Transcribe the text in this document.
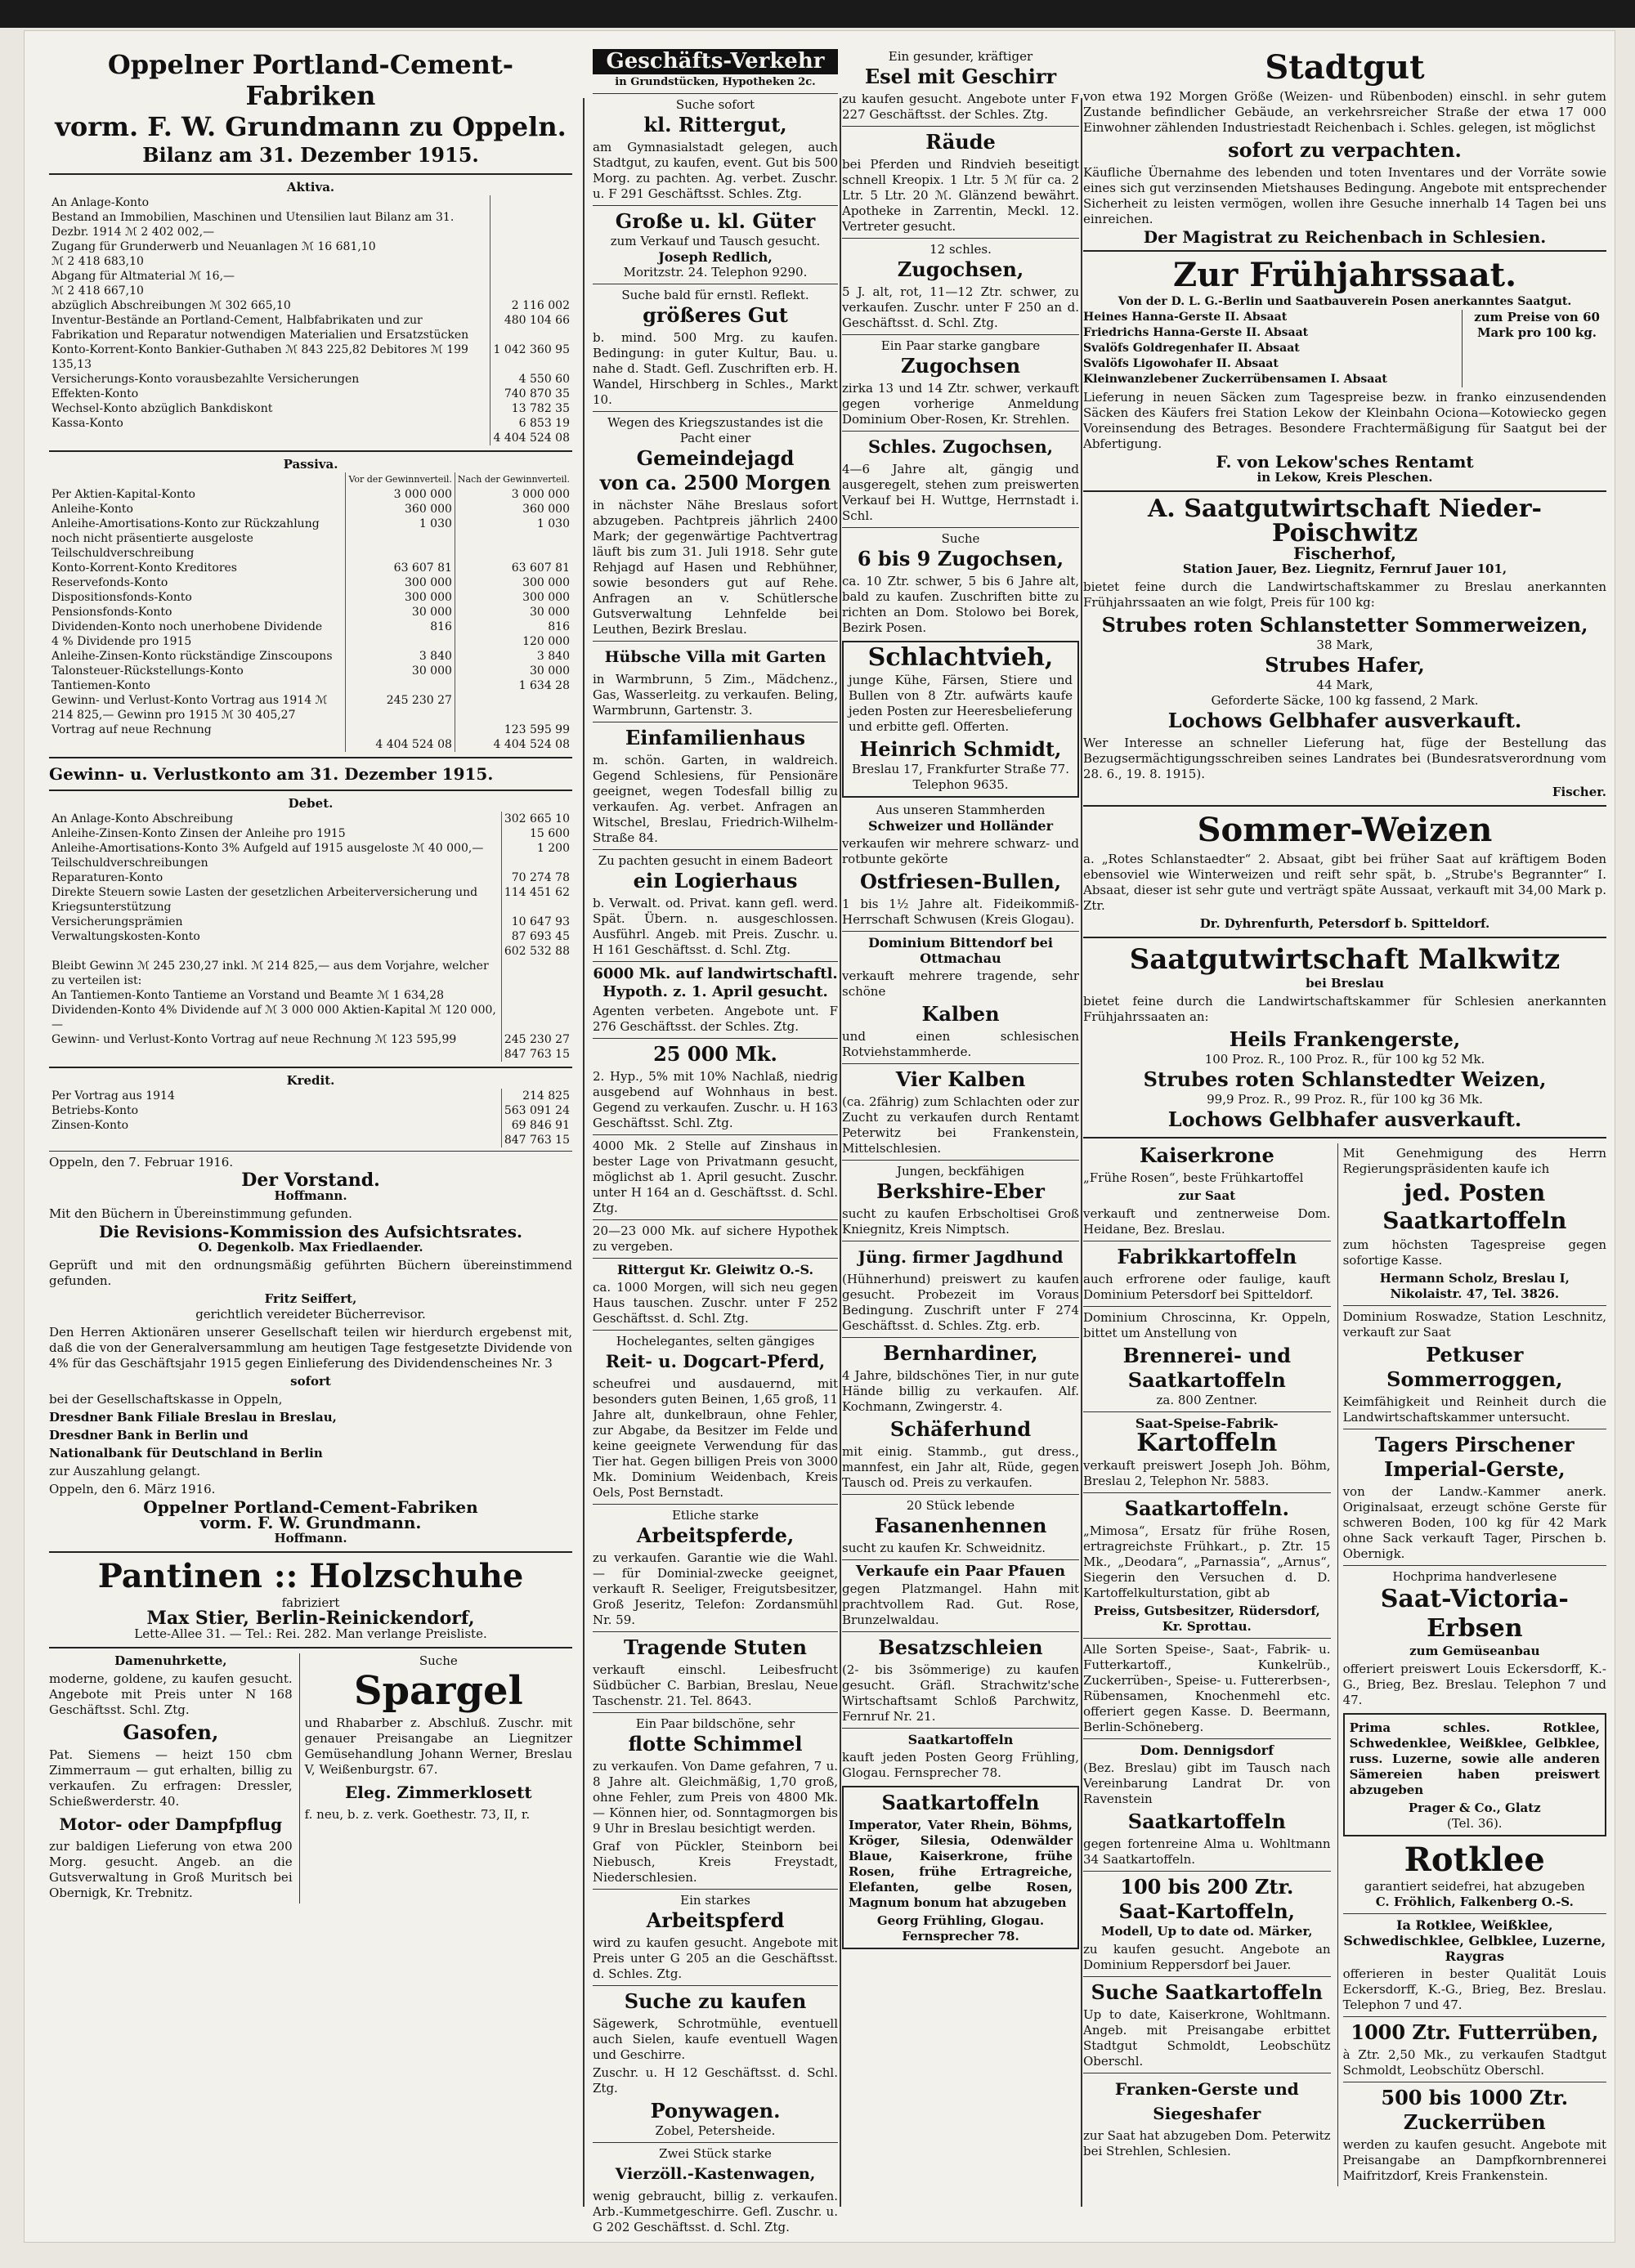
Oppelner Portland-Cement-Fabriken
vorm. F. W. Grundmann zu Oppeln.
Bilanz am 31. Dezember 1915.
Aktiva.
An Anlage-Konto	
Bestand an Immobilien, Maschinen und Utensilien laut Bilanz am 31. Dezbr. 1914 ℳ 2 402 002,—	
Zugang für Grunderwerb und Neuanlagen ℳ 16 681,10	
ℳ 2 418 683,10	
Abgang für Altmaterial ℳ 16,—	
ℳ 2 418 667,10	
abzüglich Abschreibungen ℳ 302 665,10	2 116 002
Inventur-Bestände an Portland-Cement, Halbfabrikaten und zur Fabrikation und Reparatur notwendigen Materialien und Ersatzstücken	480 104 66
Konto-Korrent-Konto Bankier-Guthaben ℳ 843 225,82 Debitores ℳ 199 135,13	1 042 360 95
Versicherungs-Konto vorausbezahlte Versicherungen	4 550 60
Effekten-Konto	740 870 35
Wechsel-Konto abzüglich Bankdiskont	13 782 35
Kassa-Konto	6 853 19
	4 404 524 08
Passiva.
	Vor der Gewinnverteil.	Nach der Gewinnverteil.
Per Aktien-Kapital-Konto	3 000 000	3 000 000
Anleihe-Konto	360 000	360 000
Anleihe-Amortisations-Konto zur Rückzahlung noch nicht präsentierte ausgeloste Teilschuldverschreibung	1 030	1 030
Konto-Korrent-Konto Kreditores	63 607 81	63 607 81
Reservefonds-Konto	300 000	300 000
Dispositionsfonds-Konto	300 000	300 000
Pensionsfonds-Konto	30 000	30 000
Dividenden-Konto noch unerhobene Dividende	816	816
4 % Dividende pro 1915		120 000
Anleihe-Zinsen-Konto rückständige Zinscoupons	3 840	3 840
Talonsteuer-Rückstellungs-Konto	30 000	30 000
Tantiemen-Konto		1 634 28
Gewinn- und Verlust-Konto Vortrag aus 1914 ℳ 214 825,— Gewinn pro 1915 ℳ 30 405,27	245 230 27	
Vortrag auf neue Rechnung		123 595 99
	4 404 524 08	4 404 524 08
Gewinn- u. Verlustkonto am 31. Dezember 1915.
Debet.
An Anlage-Konto Abschreibung	302 665 10
Anleihe-Zinsen-Konto Zinsen der Anleihe pro 1915	15 600
Anleihe-Amortisations-Konto 3% Aufgeld auf 1915 ausgeloste ℳ 40 000,— Teilschuldverschreibungen	1 200
Reparaturen-Konto	70 274 78
Direkte Steuern sowie Lasten der gesetzlichen Arbeiterversicherung und Kriegsunterstützung	114 451 62
Versicherungsprämien	10 647 93
Verwaltungskosten-Konto	87 693 45
	602 532 88
Bleibt Gewinn ℳ 245 230,27 inkl. ℳ 214 825,— aus dem Vorjahre, welcher zu verteilen ist:	
An Tantiemen-Konto Tantieme an Vorstand und Beamte ℳ 1 634,28	
Dividenden-Konto 4% Dividende auf ℳ 3 000 000 Aktien-Kapital ℳ 120 000,—	
Gewinn- und Verlust-Konto Vortrag auf neue Rechnung ℳ 123 595,99	245 230 27
	847 763 15
Kredit.
Per Vortrag aus 1914	214 825
Betriebs-Konto	563 091 24
Zinsen-Konto	69 846 91
	847 763 15
Oppeln, den 7. Februar 1916.
Der Vorstand.
Hoffmann.
Mit den Büchern in Übereinstimmung gefunden.
Die Revisions-Kommission des Aufsichtsrates.
O. Degenkolb. Max Friedlaender.
Geprüft und mit den ordnungsmäßig geführten Büchern übereinstimmend gefunden.
Fritz Seiffert,
gerichtlich vereideter Bücherrevisor.
Den Herren Aktionären unserer Gesellschaft teilen wir hierdurch ergebenst mit, daß die von der Generalversammlung am heutigen Tage festgesetzte Dividende von 4% für das Geschäftsjahr 1915 gegen Einlieferung des Dividendenscheines Nr. 3
sofort
bei der Gesellschaftskasse in Oppeln,
Dresdner Bank Filiale Breslau in Breslau,
Dresdner Bank in Berlin und
Nationalbank für Deutschland in Berlin
zur Auszahlung gelangt.
Oppeln, den 6. März 1916.
Oppelner Portland-Cement-Fabriken
vorm. F. W. Grundmann.
Hoffmann.
Pantinen :: Holzschuhe
fabriziert
Max Stier, Berlin-Reinickendorf,
Lette-Allee 31. — Tel.: Rei. 282. Man verlange Preisliste.
Damenuhrkette,
moderne, goldene, zu kaufen gesucht. Angebote mit Preis unter N 168 Geschäftsst. Schl. Ztg.
Gasofen,
Pat. Siemens — heizt 150 cbm Zimmerraum — gut erhalten, billig zu verkaufen. Zu erfragen: Dressler, Schießwerderstr. 40.
Motor- oder Dampfpflug
zur baldigen Lieferung von etwa 200 Morg. gesucht. Angeb. an die Gutsverwaltung in Groß Muritsch bei Obernigk, Kr. Trebnitz.
Suche
Spargel
und Rhabarber z. Abschluß. Zuschr. mit genauer Preisangabe an Liegnitzer Gemüsehandlung Johann Werner, Breslau V, Weißenburgstr. 67.
Eleg. Zimmerklosett
f. neu, b. z. verk. Goethestr. 73, II, r.
Geschäfts-Verkehr
in Grundstücken, Hypotheken 2c.
Suche sofort
kl. Rittergut,
am Gymnasialstadt gelegen, auch Stadtgut, zu kaufen, event. Gut bis 500 Morg. zu pachten. Ag. verbet. Zuschr. u. F 291 Geschäftsst. Schles. Ztg.
Große u. kl. Güter
zum Verkauf und Tausch gesucht.
Joseph Redlich,
Moritzstr. 24. Telephon 9290.
Suche bald für ernstl. Reflekt.
größeres Gut
b. mind. 500 Mrg. zu kaufen. Bedingung: in guter Kultur, Bau. u. nahe d. Stadt. Gefl. Zuschriften erb. H. Wandel, Hirschberg in Schles., Markt 10.
Wegen des Kriegszustandes ist die Pacht einer
Gemeindejagd
von ca. 2500 Morgen
in nächster Nähe Breslaus sofort abzugeben. Pachtpreis jährlich 2400 Mark; der gegenwärtige Pachtvertrag läuft bis zum 31. Juli 1918. Sehr gute Rehjagd auf Hasen und Rebhühner, sowie besonders gut auf Rehe. Anfragen an v. Schütlersche Gutsverwaltung Lehnfelde bei Leuthen, Bezirk Breslau.
Hübsche Villa mit Garten
in Warmbrunn, 5 Zim., Mädchenz., Gas, Wasserleitg. zu verkaufen. Beling, Warmbrunn, Gartenstr. 3.
Einfamilienhaus
m. schön. Garten, in waldreich. Gegend Schlesiens, für Pensionäre geeignet, wegen Todesfall billig zu verkaufen. Ag. verbet. Anfragen an Witschel, Breslau, Friedrich-Wilhelm-Straße 84.
Zu pachten gesucht in einem Badeort
ein Logierhaus
b. Verwalt. od. Privat. kann gefl. werd. Spät. Übern. n. ausgeschlossen. Ausführl. Angeb. mit Preis. Zuschr. u. H 161 Geschäftsst. d. Schl. Ztg.
6000 Mk. auf landwirtschaftl. Hypoth. z. 1. April gesucht.
Agenten verbeten. Angebote unt. F 276 Geschäftsst. der Schles. Ztg.
25 000 Mk.
2. Hyp., 5% mit 10% Nachlaß, niedrig ausgebend auf Wohnhaus in best. Gegend zu verkaufen. Zuschr. u. H 163 Geschäftsst. Schl. Ztg.
4000 Mk. 2 Stelle auf Zinshaus in bester Lage von Privatmann gesucht, möglichst ab 1. April gesucht. Zuschr. unter H 164 an d. Geschäftsst. d. Schl. Ztg.
20—23 000 Mk. auf sichere Hypothek zu vergeben.
Rittergut Kr. Gleiwitz O.-S.
ca. 1000 Morgen, will sich neu gegen Haus tauschen. Zuschr. unter F 252 Geschäftsst. d. Schl. Ztg.
Hochelegantes, selten gängiges
Reit- u. Dogcart-Pferd,
scheufrei und ausdauernd, mit besonders guten Beinen, 1,65 groß, 11 Jahre alt, dunkelbraun, ohne Fehler, zur Abgabe, da Besitzer im Felde und keine geeignete Verwendung für das Tier hat. Gegen billigen Preis von 3000 Mk. Dominium Weidenbach, Kreis Oels, Post Bernstadt.
Etliche starke
Arbeitspferde,
zu verkaufen. Garantie wie die Wahl. — für Dominial-zwecke geeignet, verkauft R. Seeliger, Freigutsbesitzer, Groß Jeseritz, Telefon: Zordansmühl Nr. 59.
Tragende Stuten
verkauft einschl. Leibesfrucht Südbücher C. Barbian, Breslau, Neue Taschenstr. 21. Tel. 8643.
Ein Paar bildschöne, sehr
flotte Schimmel
zu verkaufen. Von Dame gefahren, 7 u. 8 Jahre alt. Gleichmäßig, 1,70 groß, ohne Fehler, zum Preis von 4800 Mk. — Können hier, od. Sonntagmorgen bis 9 Uhr in Breslau besichtigt werden.
Graf von Pückler, Steinborn bei Niebusch, Kreis Freystadt, Niederschlesien.
Ein starkes
Arbeitspferd
wird zu kaufen gesucht. Angebote mit Preis unter G 205 an die Geschäftsst. d. Schles. Ztg.
Suche zu kaufen
Sägewerk, Schrotmühle, eventuell auch Sielen, kaufe eventuell Wagen und Geschirre.
Zuschr. u. H 12 Geschäftsst. d. Schl. Ztg.
Ponywagen.
Zobel, Petersheide.
Zwei Stück starke
Vierzöll.-Kastenwagen,
wenig gebraucht, billig z. verkaufen. Arb.-Kummetgeschirre. Gefl. Zuschr. u. G 202 Geschäftsst. d. Schl. Ztg.
Ein gesunder, kräftiger
Esel mit Geschirr
zu kaufen gesucht. Angebote unter F 227 Geschäftsst. der Schles. Ztg.
Räude
bei Pferden und Rindvieh beseitigt schnell Kreopix. 1 Ltr. 5 ℳ für ca. 2 Ltr. 5 Ltr. 20 ℳ. Glänzend bewährt. Apotheke in Zarrentin, Meckl. 12. Vertreter gesucht.
12 schles.
Zugochsen,
5 J. alt, rot, 11—12 Ztr. schwer, zu verkaufen. Zuschr. unter F 250 an d. Geschäftsst. d. Schl. Ztg.
Ein Paar starke gangbare
Zugochsen
zirka 13 und 14 Ztr. schwer, verkauft gegen vorherige Anmeldung Dominium Ober-Rosen, Kr. Strehlen.
Schles. Zugochsen,
4—6 Jahre alt, gängig und ausgeregelt, stehen zum preiswerten Verkauf bei H. Wuttge, Herrnstadt i. Schl.
Suche
6 bis 9 Zugochsen,
ca. 10 Ztr. schwer, 5 bis 6 Jahre alt, bald zu kaufen. Zuschriften bitte zu richten an Dom. Stolowo bei Borek, Bezirk Posen.
Schlachtvieh,
junge Kühe, Färsen, Stiere und Bullen von 8 Ztr. aufwärts kaufe jeden Posten zur Heeresbelieferung und erbitte gefl. Offerten.
Heinrich Schmidt,
Breslau 17, Frankfurter Straße 77. Telephon 9635.
Aus unseren Stammherden
Schweizer und Holländer
verkaufen wir mehrere schwarz- und rotbunte gekörte
Ostfriesen-Bullen,
1 bis 1½ Jahre alt. Fideikommiß-Herrschaft Schwusen (Kreis Glogau).
Dominium Bittendorf bei Ottmachau
verkauft mehrere tragende, sehr schöne
Kalben
und einen schlesischen Rotviehstammherde.
Vier Kalben
(ca. 2fährig) zum Schlachten oder zur Zucht zu verkaufen durch Rentamt Peterwitz bei Frankenstein, Mittelschlesien.
Jungen, beckfähigen
Berkshire-Eber
sucht zu kaufen Erbscholtisei Groß Kniegnitz, Kreis Nimptsch.
Jüng. firmer Jagdhund
(Hühnerhund) preiswert zu kaufen gesucht. Probezeit im Voraus Bedingung. Zuschrift unter F 274 Geschäftsst. d. Schles. Ztg. erb.
Bernhardiner,
4 Jahre, bildschönes Tier, in nur gute Hände billig zu verkaufen. Alf. Kochmann, Zwingerstr. 4.
Schäferhund
mit einig. Stammb., gut dress., mannfest, ein Jahr alt, Rüde, gegen Tausch od. Preis zu verkaufen.
20 Stück lebende
Fasanenhennen
sucht zu kaufen Kr. Schweidnitz.
Verkaufe ein Paar Pfauen
gegen Platzmangel. Hahn mit prachtvollem Rad. Gut. Rose, Brunzelwaldau.
Besatzschleien
(2- bis 3sömmerige) zu kaufen gesucht. Gräfl. Strachwitz'sche Wirtschaftsamt Schloß Parchwitz, Fernruf Nr. 21.
Saatkartoffeln
kauft jeden Posten Georg Frühling, Glogau. Fernsprecher 78.
Saatkartoffeln
Imperator, Vater Rhein, Böhms, Kröger, Silesia, Odenwälder Blaue, Kaiserkrone, frühe Rosen, frühe Ertragreiche, Elefanten, gelbe Rosen, Magnum bonum hat abzugeben
Georg Frühling, Glogau. Fernsprecher 78.
Stadtgut
von etwa 192 Morgen Größe (Weizen- und Rübenboden) einschl. in sehr gutem Zustande befindlicher Gebäude, an verkehrsreicher Straße der etwa 17 000 Einwohner zählenden Industriestadt Reichenbach i. Schles. gelegen, ist möglichst
sofort zu verpachten.
Käufliche Übernahme des lebenden und toten Inventares und der Vorräte sowie eines sich gut verzinsenden Mietshauses Bedingung. Angebote mit entsprechender Sicherheit zu leisten vermögen, wollen ihre Gesuche innerhalb 14 Tagen bei uns einreichen.
Der Magistrat zu Reichenbach in Schlesien.
Zur Frühjahrssaat.
Von der D. L. G.-Berlin und Saatbauverein Posen anerkanntes Saatgut.
Heines Hanna-Gerste II. Absaat
Friedrichs Hanna-Gerste II. Absaat
Svalöfs Goldregenhafer II. Absaat
Svalöfs Ligowohafer II. Absaat
Kleinwanzlebener Zuckerrübensamen I. Absaat
zum Preise von 60 Mark pro 100 kg.
Lieferung in neuen Säcken zum Tagespreise bezw. in franko einzusendenden Säcken des Käufers frei Station Lekow der Kleinbahn Ociona—Kotowiecko gegen Voreinsendung des Betrages. Besondere Frachtermäßigung für Saatgut bei der Abfertigung.
F. von Lekow'sches Rentamt
in Lekow, Kreis Pleschen.
A. Saatgutwirtschaft Nieder-Poischwitz
Fischerhof,
Station Jauer, Bez. Liegnitz, Fernruf Jauer 101,
bietet feine durch die Landwirtschaftskammer zu Breslau anerkannten Frühjahrssaaten an wie folgt, Preis für 100 kg:
Strubes roten Schlanstetter Sommerweizen,
38 Mark,
Strubes Hafer,
44 Mark,
Geforderte Säcke, 100 kg fassend, 2 Mark.
Lochows Gelbhafer ausverkauft.
Wer Interesse an schneller Lieferung hat, füge der Bestellung das Bezugsermächtigungsschreiben seines Landrates bei (Bundesratsverordnung vom 28. 6., 19. 8. 1915).
Fischer.
Sommer-Weizen
a. „Rotes Schlanstaedter“ 2. Absaat, gibt bei früher Saat auf kräftigem Boden ebensoviel wie Winterweizen und reift sehr spät, b. „Strube's Begrannter“ I. Absaat, dieser ist sehr gute und verträgt späte Aussaat, verkauft mit 34,00 Mark p. Ztr.
Dr. Dyhrenfurth, Petersdorf b. Spitteldorf.
Saatgutwirtschaft Malkwitz
bei Breslau
bietet feine durch die Landwirtschaftskammer für Schlesien anerkannten Frühjahrssaaten an:
Heils Frankengerste,
100 Proz. R., 100 Proz. R., für 100 kg 52 Mk.
Strubes roten Schlanstedter Weizen,
99,9 Proz. R., 99 Proz. R., für 100 kg 36 Mk.
Lochows Gelbhafer ausverkauft.
Kaiserkrone
„Frühe Rosen“, beste Frühkartoffel
zur Saat
verkauft und zentnerweise Dom. Heidane, Bez. Breslau.
Fabrikkartoffeln
auch erfrorene oder faulige, kauft Dominium Petersdorf bei Spitteldorf.
Dominium Chroscinna, Kr. Oppeln, bittet um Anstellung von
Brennerei- und Saatkartoffeln
za. 800 Zentner.
Saat-Speise-Fabrik-
Kartoffeln
verkauft preiswert Joseph Joh. Böhm, Breslau 2, Telephon Nr. 5883.
Saatkartoffeln.
„Mimosa“, Ersatz für frühe Rosen, ertragreichste Frühkart., p. Ztr. 15 Mk., „Deodara“, „Parnassia“, „Arnus“, Siegerin den Versuchen d. D. Kartoffelkulturstation, gibt ab
Preiss, Gutsbesitzer, Rüdersdorf, Kr. Sprottau.
Alle Sorten Speise-, Saat-, Fabrik- u. Futterkartoff., Kunkelrüb., Zuckerrüben-, Speise- u. Futtererbsen-, Rübensamen, Knochenmehl etc. offeriert gegen Kasse. D. Beermann, Berlin-Schöneberg.
Dom. Dennigsdorf
(Bez. Breslau) gibt im Tausch nach Vereinbarung Landrat Dr. von Ravenstein
Saatkartoffeln
gegen fortenreine Alma u. Wohltmann 34 Saatkartoffeln.
100 bis 200 Ztr.
Saat-Kartoffeln,
Modell, Up to date od. Märker,
zu kaufen gesucht. Angebote an Dominium Reppersdorf bei Jauer.
Suche Saatkartoffeln
Up to date, Kaiserkrone, Wohltmann. Angeb. mit Preisangabe erbittet Stadtgut Schmoldt, Leobschütz Oberschl.
Franken-Gerste und Siegeshafer
zur Saat hat abzugeben Dom. Peterwitz bei Strehlen, Schlesien.
Mit Genehmigung des Herrn Regierungspräsidenten kaufe ich
jed. Posten Saatkartoffeln
zum höchsten Tagespreise gegen sofortige Kasse.
Hermann Scholz, Breslau I, Nikolaistr. 47, Tel. 3826.
Dominium Roswadze, Station Leschnitz, verkauft zur Saat
Petkuser Sommerroggen,
Keimfähigkeit und Reinheit durch die Landwirtschaftskammer untersucht.
Tagers Pirschener Imperial-Gerste,
von der Landw.-Kammer anerk. Originalsaat, erzeugt schöne Gerste für schweren Boden, 100 kg für 42 Mark ohne Sack verkauft Tager, Pirschen b. Obernigk.
Hochprima handverlesene
Saat-Victoria-Erbsen
zum Gemüseanbau
offeriert preiswert Louis Eckersdorff, K.-G., Brieg, Bez. Breslau. Telephon 7 und 47.
Prima schles. Rotklee, Schwedenklee, Weißklee, Gelbklee, russ. Luzerne, sowie alle anderen Sämereien haben preiswert abzugeben
Prager & Co., Glatz
(Tel. 36).
Rotklee
garantiert seidefrei, hat abzugeben
C. Fröhlich, Falkenberg O.-S.
Ia Rotklee, Weißklee, Schwedischklee, Gelbklee, Luzerne, Raygras
offerieren in bester Qualität Louis Eckersdorff, K.-G., Brieg, Bez. Breslau. Telephon 7 und 47.
1000 Ztr. Futterrüben,
à Ztr. 2,50 Mk., zu verkaufen Stadtgut Schmoldt, Leobschütz Oberschl.
500 bis 1000 Ztr. Zuckerrüben
werden zu kaufen gesucht. Angebote mit Preisangabe an Dampfkornbrennerei Maifritzdorf, Kreis Frankenstein.
